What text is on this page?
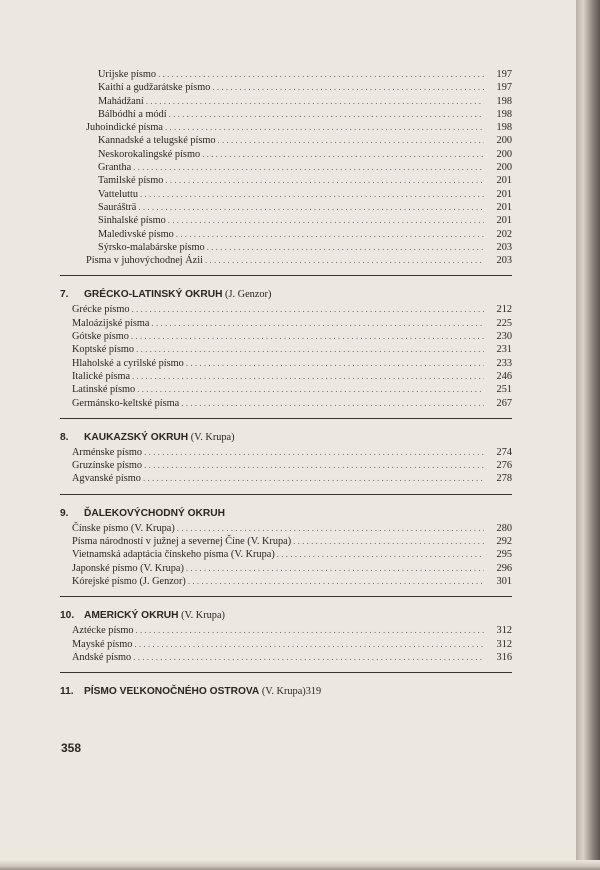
Urijske písmo . . .	197
Kaithí a gudžarátske písmo . . .	197
Mahádžaní . . .	198
Bálbódhí a módí . . .	198
Juhoindické písma . . .	198
Kannadské a telugské písmo . . .	200
Neskorokalingské písmo . . .	200
Grantha . . .	200
Tamilské písmo . . .	201
Vatteluttu . . .	201
Saurášträ . . .	201
Sinhalské písmo . . .	201
Maledivské písmo . . .	202
Sýrsko-malabárske písmo . . .	203
Písma v juhovýchodnej Ázii . . .	203
7. GRÉCKO-LATINSKÝ OKRUH (J. Genzor)
Grécke písmo . . .	212
Maloázijské písma . . .	225
Gótske písmo . . .	230
Koptské písmo . . .	231
Hlaholské a cyrilské písmo . . .	233
Italické písma . . .	246
Latinské písmo . . .	251
Germánsko-keltské písma . . .	267
8. KAUKAZSKÝ OKRUH (V. Krupa)
Arménske písmo . . .	274
Gruzínske písmo . . .	276
Agvanské písmo . . .	278
9. ĎALEKOVÝCHODNÝ OKRUH
Čínske písmo (V. Krupa) . . .	280
Písma národností v južnej a severnej Číne (V. Krupa) . . .	292
Vietnamská adaptácia čínskeho písma (V. Krupa) . . .	295
Japonské písmo (V. Krupa) . . .	296
Kórejské písmo (J. Genzor) . . .	301
10. AMERICKÝ OKRUH (V. Krupa)
Aztécke písmo . . .	312
Mayské písmo . . .	312
Andské písmo . . .	316
11. PÍSMO VEĽKONOČNÉHO OSTROVA (V. Krupa) 319
358
